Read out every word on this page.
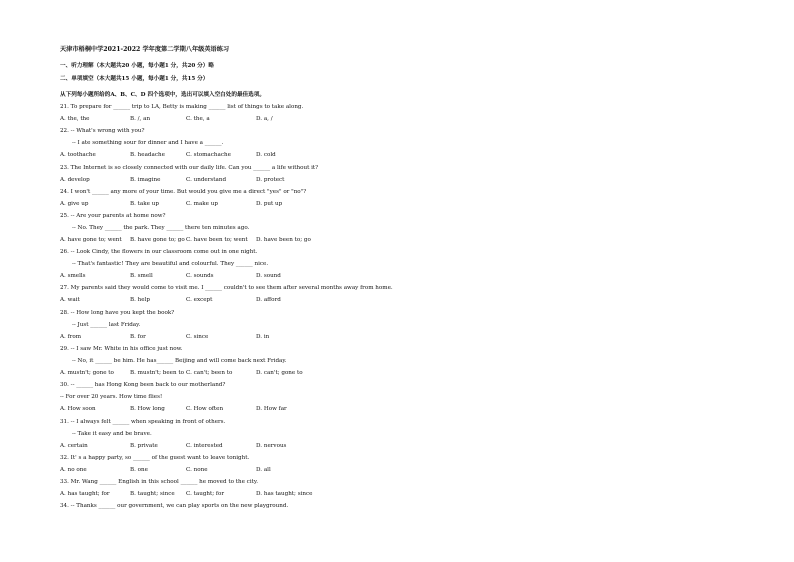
天津市梧桐中学2021-2022 学年度第二学期八年级英语练习
一、听力理解（本大题共20 小题，每小题1 分，共20 分）略
二、单项填空（本大题共15 小题，每小题1 分，共15 分）
从下列每小题所给的A、B、C、D 四个选项中，选出可以填入空白处的最佳选项。
21. To prepare for ______ trip to LA, Betty is making ______ list of things to take along.
A. the, the	B. /, an	C. the, a	D. a, /
22. -- What's wrong with you?
-- I ate something sour for dinner and I have a ______.
A. toothache	B. headache	C. stomachache	D. cold
23. The Internet is so closely connected with our daily life. Can you ______ a life without it?
A. develop	B. imagine	C. understand	D. protect
24. I won't ______ any more of your time. But would you give me a direct "yes" or "no"?
A. give up	B. take up	C. make up	D. put up
25. -- Are your parents at home now?
-- No. They ______ the park. They ______ there ten minutes ago.
A. have gone to; went B. have gone to; go C. have been to; went D. have been to; go
26. -- Look Cindy, the flowers in our classroom come out in one night.
-- That's fantastic! They are beautiful and colourful. They ______ nice.
A. smells	B. smell	C. sounds	D. sound
27. My parents said they would come to visit me. I ______ couldn't to see them after several months away from home.
A. wait	B. help	C. except	D. afford
28. -- How long have you kept the book?
-- Just ______ last Friday.
A. from	B. for	C. since	D. in
29. -- I saw Mr. White in his office just now.
-- No, it ______ be him. He has______ Beijing and will come back next Friday.
A. mustn't; gone to	B. mustn't; been to C. can't; been to	D. can't; gone to
30. -- ______ has Hong Kong been back to our motherland?
-- For over 20 years. How time flies!
A. How soon	B. How long	C. How often	D. How far
31. -- I always felt ______ when speaking in front of others.
-- Take it easy and be brave.
A. certain	B. private	C. interested	D. nervous
32. It' s a happy party, so ______ of the guest want to leave tonight.
A. no one	B. one	C. none	D. all
33. Mr. Wang ______ English in this school ______ he moved to the city.
A. has taught; for	B. taught; since C. taught; for	D. has taught; since
34. -- Thanks ______ our government, we can play sports on the new playground.
